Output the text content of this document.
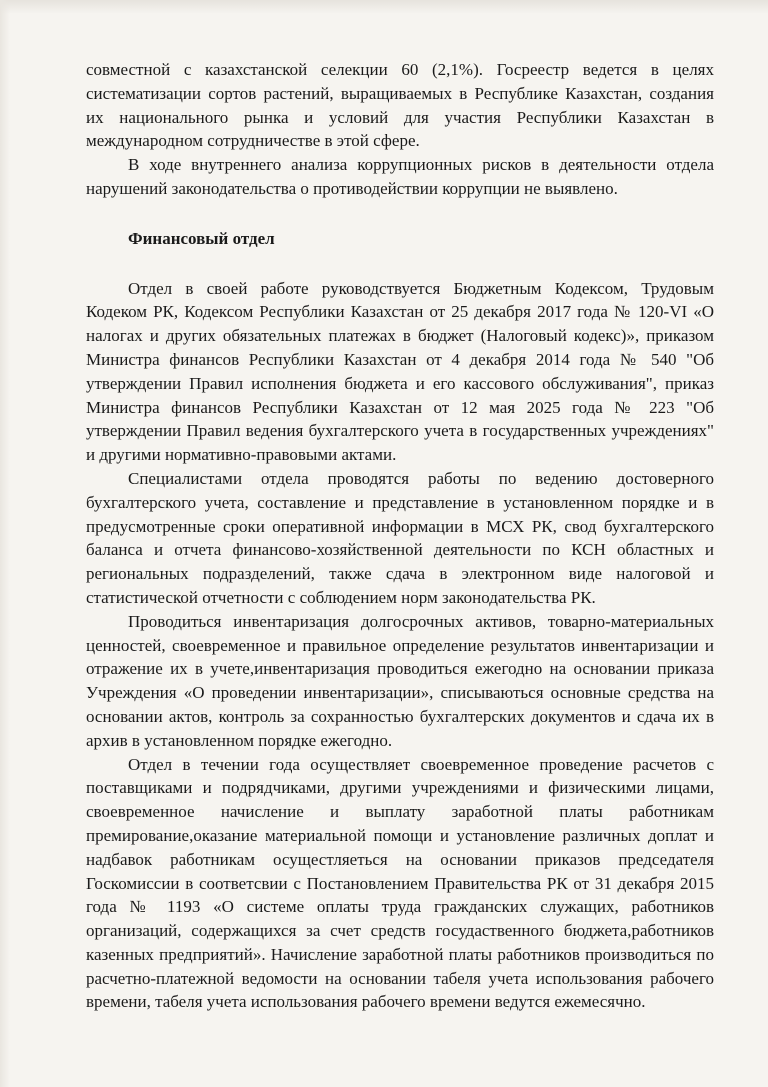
совместной с казахстанской селекции 60 (2,1%). Госреестр ведется в целях систематизации сортов растений, выращиваемых в Республике Казахстан, создания их национального рынка и условий для участия Республики Казахстан в международном сотрудничестве в этой сфере.

В ходе внутреннего анализа коррупционных рисков в деятельности отдела нарушений законодательства о противодействии коррупции не выявлено.

Финансовый отдел

Отдел в своей работе руководствуется Бюджетным Кодексом, Трудовым Кодеком РК, Кодексом Республики Казахстан от 25 декабря 2017 года № 120-VI «О налогах и других обязательных платежах в бюджет (Налоговый кодекс)», приказом Министра финансов Республики Казахстан от 4 декабря 2014 года № 540 "Об утверждении Правил исполнения бюджета и его кассового обслуживания", приказ Министра финансов Республики Казахстан от 12 мая 2025 года № 223 "Об утверждении Правил ведения бухгалтерского учета в государственных учреждениях" и другими нормативно-правовыми актами.

Специалистами отдела проводятся работы по ведению достоверного бухгалтерского учета, составление и представление в установленном порядке и в предусмотренные сроки оперативной информации в МСХ РК, свод бухгалтерского баланса и отчета финансово-хозяйственной деятельности по КСН областных и региональных подразделений, также сдача в электронном виде налоговой и статистической отчетности с соблюдением норм законодательства РК.

Проводиться инвентаризация долгосрочных активов, товарно-материальных ценностей, своевременное и правильное определение результатов инвентаризации и отражение их в учете,инвентаризация проводиться ежегодно на основании приказа Учреждения «О проведении инвентаризации», списываються основные средства на основании актов, контроль за сохранностью бухгалтерских документов и сдача их в архив в установленном порядке ежегодно.

Отдел в течении года осуществляет своевременное проведение расчетов с поставщиками и подрядчиками, другими учреждениями и физическими лицами, своевременное начисление и выплату заработной платы работникам премирование,оказание материальной помощи и установление различных доплат и надбавок работникам осущестляеться на основании приказов председателя Госкомиссии в соответсвии с Постановлением Правительства РК от 31 декабря 2015 года № 1193 «О системе оплаты труда гражданских служащих, работников организаций, содержащихся за счет средств госудаственного бюджета,работников казенных предприятий». Начисление заработной платы работников производиться по расчетно-платежной ведомости на основании табеля учета использования рабочего времени, табеля учета использования рабочего времени ведутся ежемесячно.
